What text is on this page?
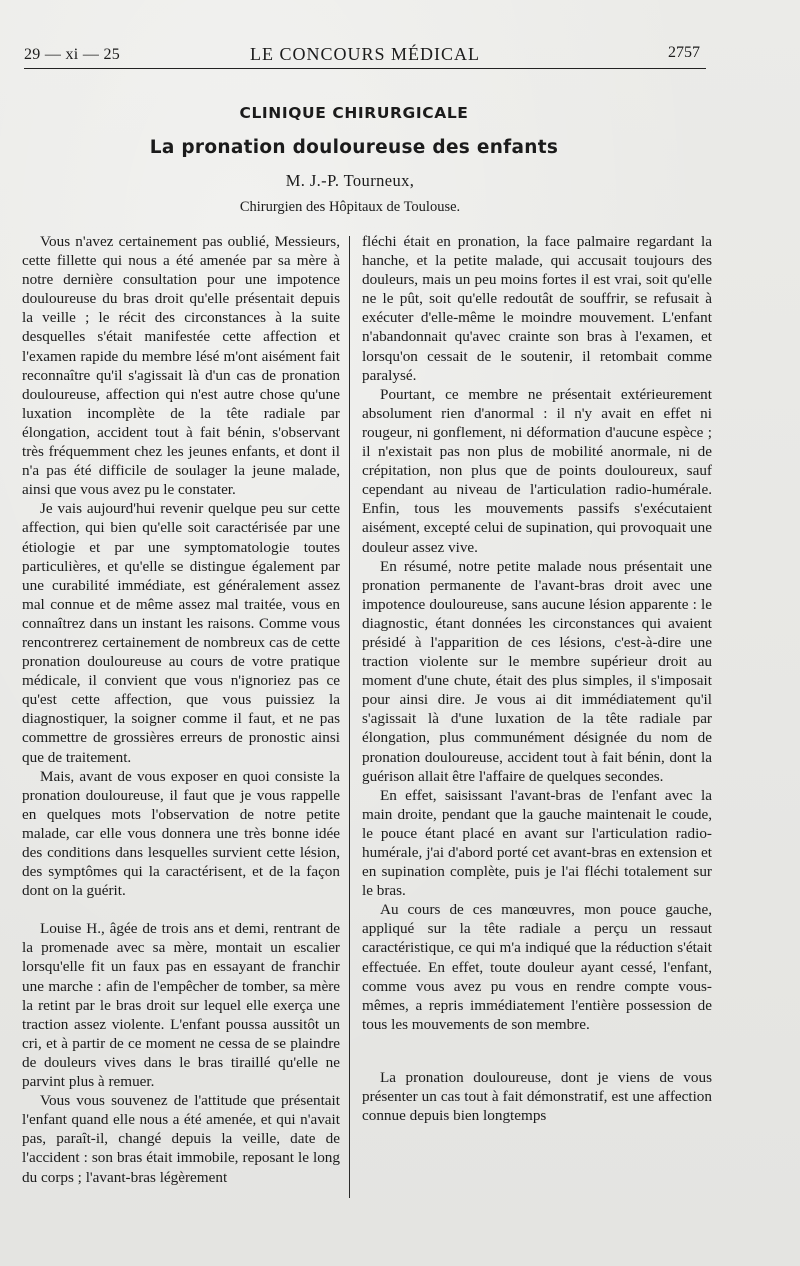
29 — xi — 25	LE CONCOURS MÉDICAL	2757
CLINIQUE CHIRURGICALE
La pronation douloureuse des enfants
M. J.-P. Tourneux,
Chirurgien des Hôpitaux de Toulouse.

Vous n'avez certainement pas oublié, Messieurs, cette fillette qui nous a été amenée par sa mère à notre dernière consultation pour une impotence douloureuse du bras droit qu'elle présentait depuis la veille ; le récit des circonstances à la suite desquelles s'était manifestée cette affection et l'examen rapide du membre lésé m'ont aisément fait reconnaître qu'il s'agissait là d'un cas de pronation douloureuse, affection qui n'est autre chose qu'une luxation incomplète de la tête radiale par élongation, accident tout à fait bénin, s'observant très fréquemment chez les jeunes enfants, et dont il n'a pas été difficile de soulager la jeune malade, ainsi que vous avez pu le constater.

Je vais aujourd'hui revenir quelque peu sur cette affection, qui bien qu'elle soit caractérisée par une étiologie et par une symptomatologie toutes particulières, et qu'elle se distingue également par une curabilité immédiate, est généralement assez mal connue et de même assez mal traitée, vous en connaîtrez dans un instant les raisons. Comme vous rencontrerez certainement de nombreux cas de cette pronation douloureuse au cours de votre pratique médicale, il convient que vous n'ignoriez pas ce qu'est cette affection, que vous puissiez la diagnostiquer, la soigner comme il faut, et ne pas commettre de grossières erreurs de pronostic ainsi que de traitement.

Mais, avant de vous exposer en quoi consiste la pronation douloureuse, il faut que je vous rappelle en quelques mots l'observation de notre petite malade, car elle vous donnera une très bonne idée des conditions dans lesquelles survient cette lésion, des symptômes qui la caractérisent, et de la façon dont on la guérit.

Louise H., âgée de trois ans et demi, rentrant de la promenade avec sa mère, montait un escalier lorsqu'elle fit un faux pas en essayant de franchir une marche : afin de l'empêcher de tomber, sa mère la retint par le bras droit sur lequel elle exerça une traction assez violente. L'enfant poussa aussitôt un cri, et à partir de ce moment ne cessa de se plaindre de douleurs vives dans le bras tiraillé qu'elle ne parvint plus à remuer.

Vous vous souvenez de l'attitude que présentait l'enfant quand elle nous a été amenée, et qui n'avait pas, paraît-il, changé depuis la veille, date de l'accident : son bras était immobile, reposant le long du corps ; l'avant-bras légèrement

fléchi était en pronation, la face palmaire regardant la hanche, et la petite malade, qui accusait toujours des douleurs, mais un peu moins fortes il est vrai, soit qu'elle ne le pût, soit qu'elle redoutât de souffrir, se refusait à exécuter d'elle-même le moindre mouvement. L'enfant n'abandonnait qu'avec crainte son bras à l'examen, et lorsqu'on cessait de le soutenir, il retombait comme paralysé.

Pourtant, ce membre ne présentait extérieurement absolument rien d'anormal : il n'y avait en effet ni rougeur, ni gonflement, ni déformation d'aucune espèce ; il n'existait pas non plus de mobilité anormale, ni de crépitation, non plus que de points douloureux, sauf cependant au niveau de l'articulation radio-humérale. Enfin, tous les mouvements passifs s'exécutaient aisément, excepté celui de supination, qui provoquait une douleur assez vive.

En résumé, notre petite malade nous présentait une pronation permanente de l'avant-bras droit avec une impotence douloureuse, sans aucune lésion apparente : le diagnostic, étant données les circonstances qui avaient présidé à l'apparition de ces lésions, c'est-à-dire une traction violente sur le membre supérieur droit au moment d'une chute, était des plus simples, il s'imposait pour ainsi dire. Je vous ai dit immédiatement qu'il s'agissait là d'une luxation de la tête radiale par élongation, plus communément désignée du nom de pronation douloureuse, accident tout à fait bénin, dont la guérison allait être l'affaire de quelques secondes.

En effet, saisissant l'avant-bras de l'enfant avec la main droite, pendant que la gauche maintenait le coude, le pouce étant placé en avant sur l'articulation radio-humérale, j'ai d'abord porté cet avant-bras en extension et en supination complète, puis je l'ai fléchi totalement sur le bras.

Au cours de ces manœuvres, mon pouce gauche, appliqué sur la tête radiale a perçu un ressaut caractéristique, ce qui m'a indiqué que la réduction s'était effectuée. En effet, toute douleur ayant cessé, l'enfant, comme vous avez pu vous en rendre compte vous-mêmes, a repris immédiatement l'entière possession de tous les mouvements de son membre.

La pronation douloureuse, dont je viens de vous présenter un cas tout à fait démonstratif, est une affection connue depuis bien longtemps
